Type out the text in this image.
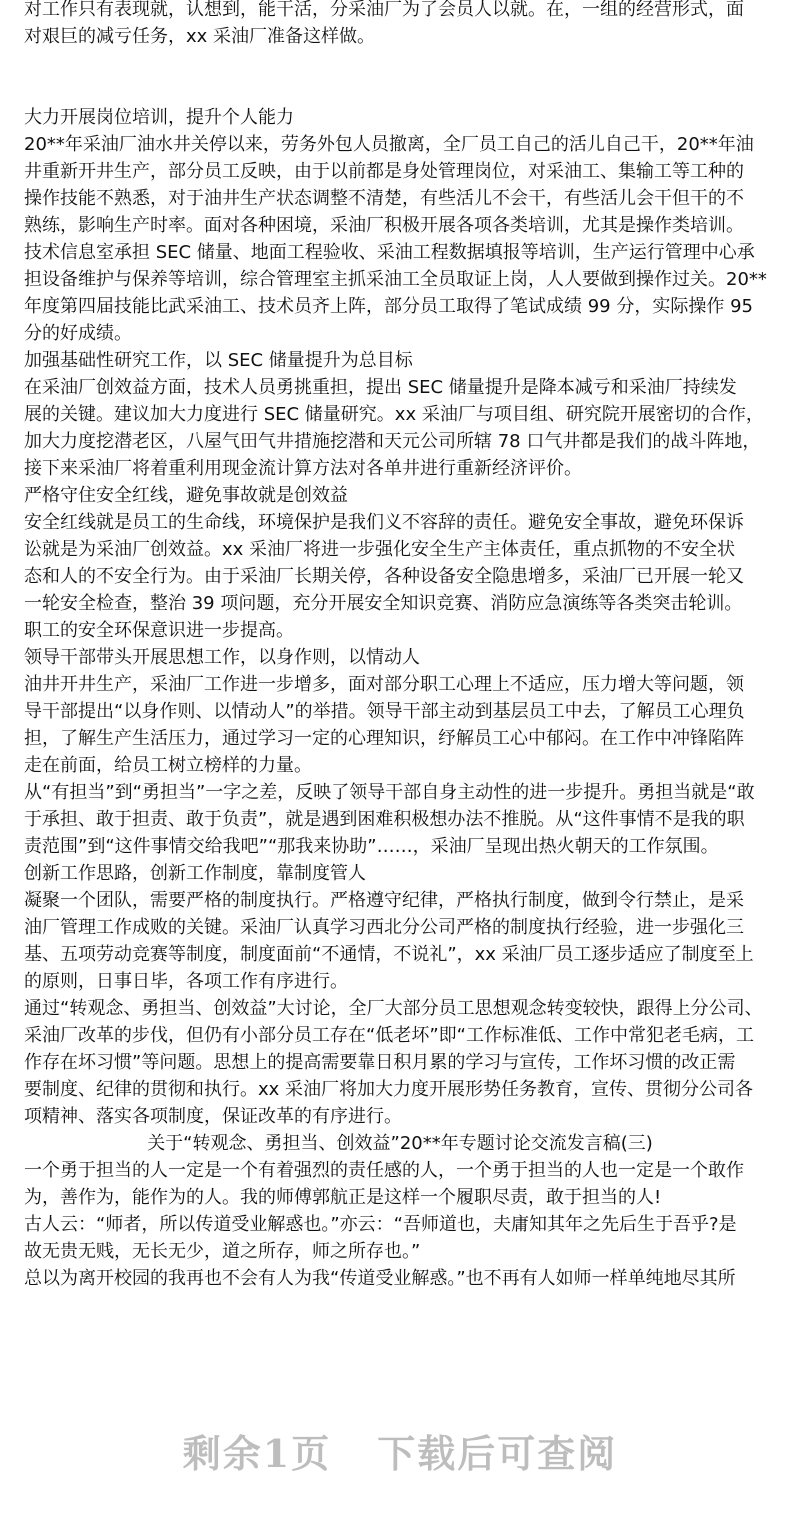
对工作只有表现就，认想到，能干活，分采油厂为了会员人以就。在，一组的经营形式，面
对艰巨的减亏任务，xx 采油厂准备这样做。
大力开展岗位培训，提升个人能力
20**年采油厂油水井关停以来，劳务外包人员撤离，全厂员工自己的活儿自己干，20**年油
井重新开井生产，部分员工反映，由于以前都是身处管理岗位，对采油工、集输工等工种的
操作技能不熟悉，对于油井生产状态调整不清楚，有些活儿不会干，有些活儿会干但干的不
熟练，影响生产时率。面对各种困境，采油厂积极开展各项各类培训，尤其是操作类培训。
技术信息室承担 SEC 储量、地面工程验收、采油工程数据填报等培训，生产运行管理中心承
担设备维护与保养等培训，综合管理室主抓采油工全员取证上岗，人人要做到操作过关。20**
年度第四届技能比武采油工、技术员齐上阵，部分员工取得了笔试成绩 99 分，实际操作 95
分的好成绩。
加强基础性研究工作，以 SEC 储量提升为总目标
在采油厂创效益方面，技术人员勇挑重担，提出 SEC 储量提升是降本减亏和采油厂持续发
展的关键。建议加大力度进行 SEC 储量研究。xx 采油厂与项目组、研究院开展密切的合作，
加大力度挖潜老区，八屋气田气井措施挖潜和天元公司所辖 78 口气井都是我们的战斗阵地，
接下来采油厂将着重利用现金流计算方法对各单井进行重新经济评价。
严格守住安全红线，避免事故就是创效益
安全红线就是员工的生命线，环境保护是我们义不容辞的责任。避免安全事故，避免环保诉
讼就是为采油厂创效益。xx 采油厂将进一步强化安全生产主体责任，重点抓物的不安全状
态和人的不安全行为。由于采油厂长期关停，各种设备安全隐患增多，采油厂已开展一轮又
一轮安全检查，整治 39 项问题，充分开展安全知识竞赛、消防应急演练等各类突击轮训。
职工的安全环保意识进一步提高。
领导干部带头开展思想工作，以身作则，以情动人
油井开井生产，采油厂工作进一步增多，面对部分职工心理上不适应，压力增大等问题，领
导干部提出“以身作则、以情动人”的举措。领导干部主动到基层员工中去，了解员工心理负
担，了解生产生活压力，通过学习一定的心理知识，纾解员工心中郁闷。在工作中冲锋陷阵
走在前面，给员工树立榜样的力量。
从“有担当”到“勇担当”一字之差，反映了领导干部自身主动性的进一步提升。勇担当就是“敢
于承担、敢于担责、敢于负责”，就是遇到困难积极想办法不推脱。从“这件事情不是我的职
责范围”到“这件事情交给我吧”“那我来协助”……，采油厂呈现出热火朝天的工作氛围。
创新工作思路，创新工作制度，靠制度管人
凝聚一个团队，需要严格的制度执行。严格遵守纪律，严格执行制度，做到令行禁止，是采
油厂管理工作成败的关键。采油厂认真学习西北分公司严格的制度执行经验，进一步强化三
基、五项劳动竞赛等制度，制度面前“不通情，不说礼”，xx 采油厂员工逐步适应了制度至上
的原则，日事日毕，各项工作有序进行。
通过“转观念、勇担当、创效益”大讨论，全厂大部分员工思想观念转变较快，跟得上分公司、
采油厂改革的步伐，但仍有小部分员工存在“低老坏”即“工作标准低、工作中常犯老毛病，工
作存在坏习惯”等问题。思想上的提高需要靠日积月累的学习与宣传，工作坏习惯的改正需
要制度、纪律的贯彻和执行。xx 采油厂将加大力度开展形势任务教育，宣传、贯彻分公司各
项精神、落实各项制度，保证改革的有序进行。
关于“转观念、勇担当、创效益”20**年专题讨论交流发言稿(三)
一个勇于担当的人一定是一个有着强烈的责任感的人，一个勇于担当的人也一定是一个敢作
为，善作为，能作为的人。我的师傅郭航正是这样一个履职尽责，敢于担当的人!
古人云：“师者，所以传道受业解惑也。”亦云：“吾师道也，夫庸知其年之先后生于吾乎?是
故无贵无贱，无长无少，道之所存，师之所存也。”
总以为离开校园的我再也不会有人为我“传道受业解惑。”也不再有人如师一样单纯地尽其所
剩余1页 下载后可查阅
